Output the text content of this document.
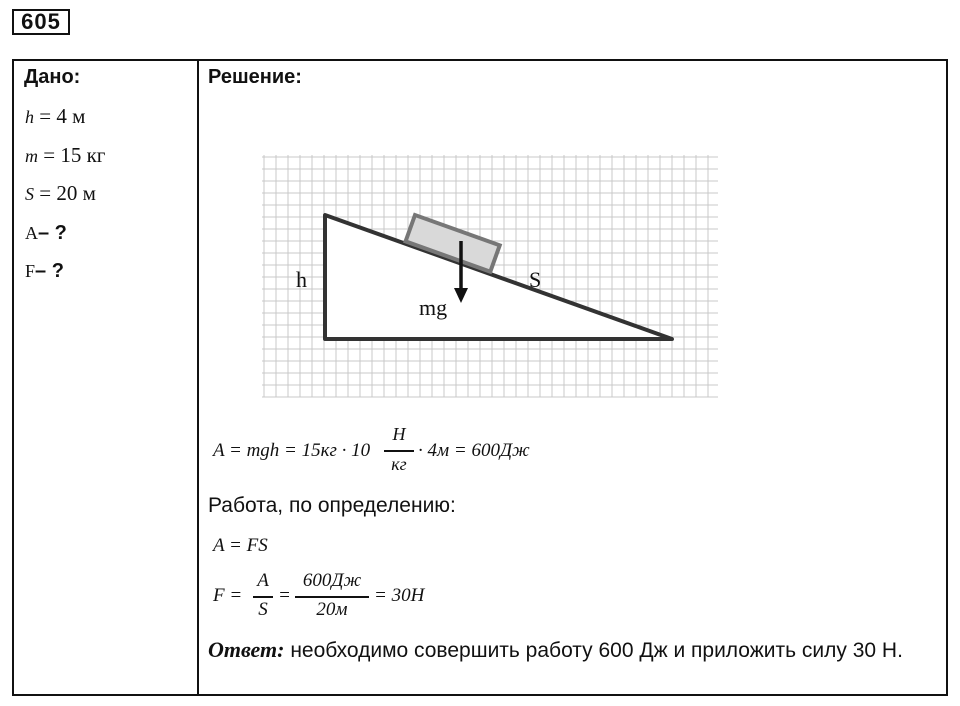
605
Дано:
h = 4 м
m = 15 кг
S = 20 м
A– ?
F– ?
Решение:
h	S
mg
A = mgh = 15кг · 10
Н
кг
· 4м = 600Дж
Работа, по определению:
A = FS
F =
A
S
=
600Дж
20м
= 30Н
Ответ: необходимо совершить работу 600 Дж и приложить силу 30 Н.
